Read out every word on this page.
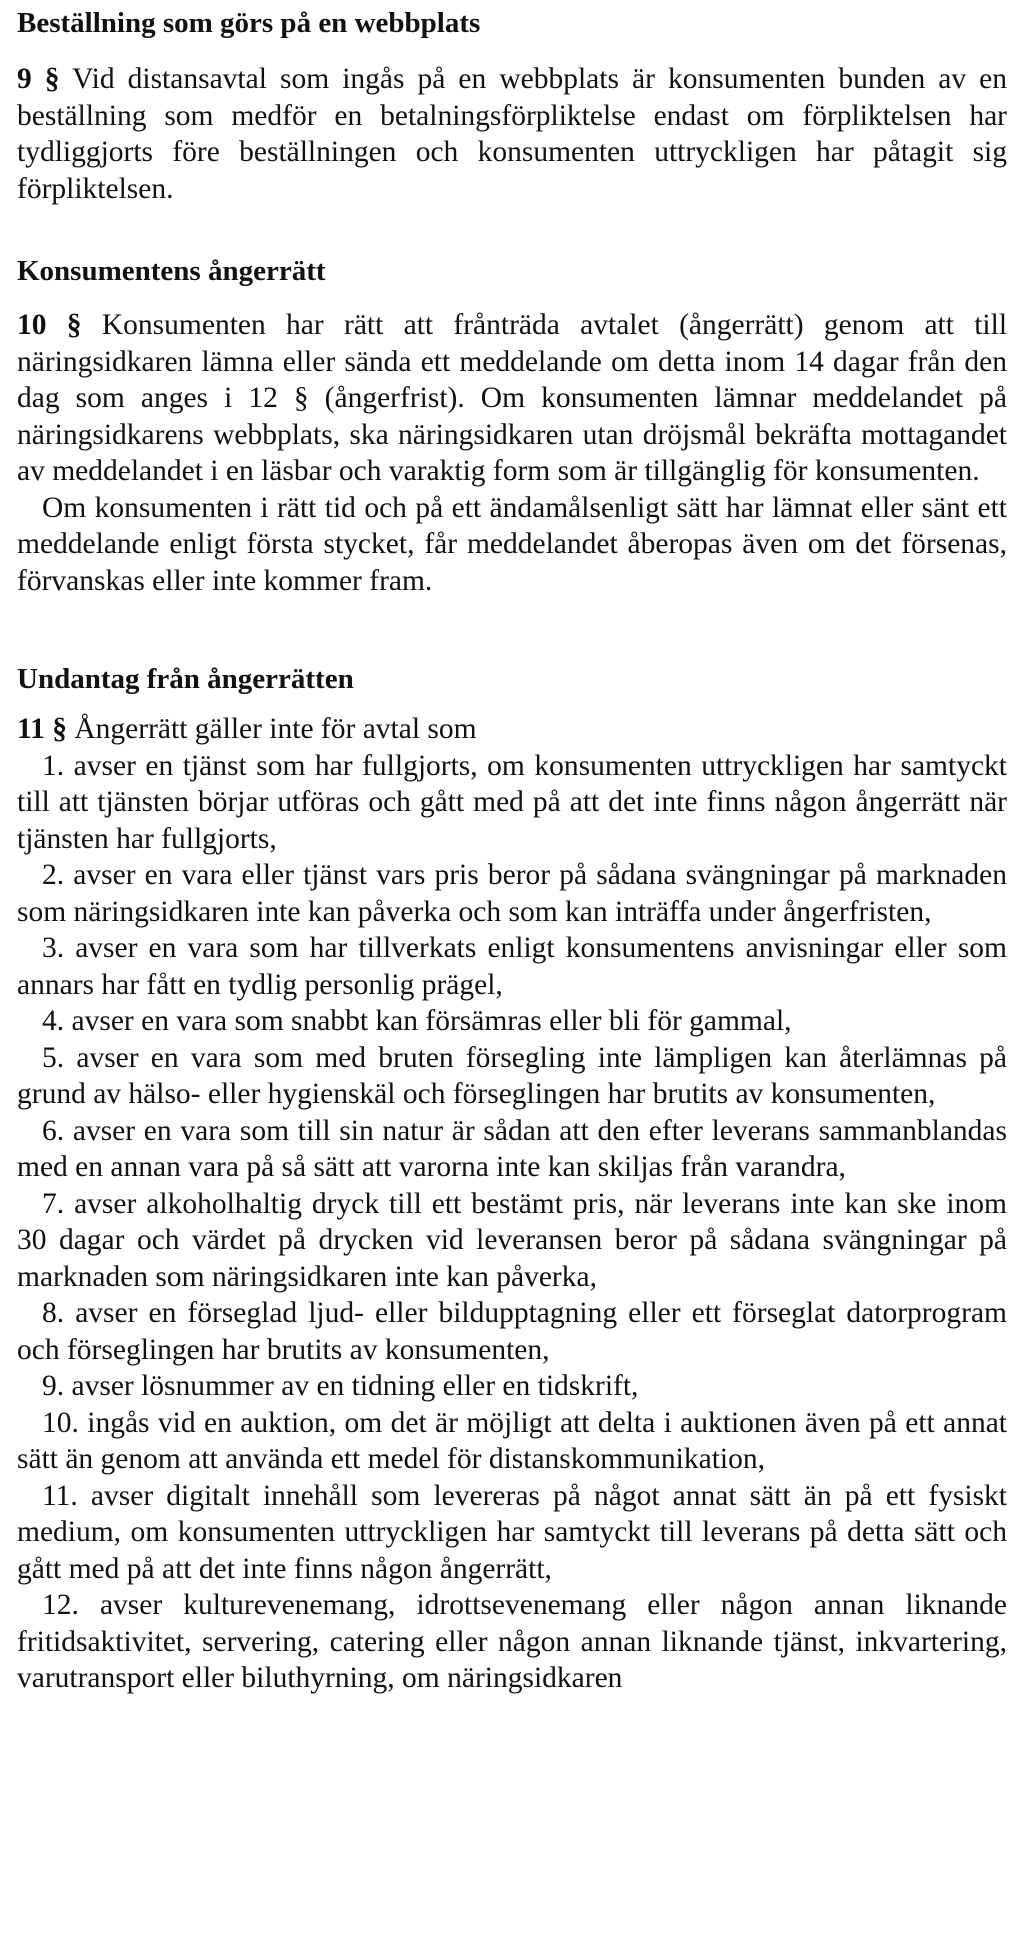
Beställning som görs på en webbplats

9 § Vid distansavtal som ingås på en webbplats är konsumenten bunden av en beställning som medför en betalningsförpliktelse endast om förpliktelsen har tydliggjorts före beställningen och konsumenten uttryckligen har påtagit sig förpliktelsen.

Konsumentens ångerrätt

10 § Konsumenten har rätt att frånträda avtalet (ångerrätt) genom att till näringsidkaren lämna eller sända ett meddelande om detta inom 14 dagar från den dag som anges i 12 § (ångerfrist). Om konsumenten lämnar meddelandet på näringsidkarens webbplats, ska näringsidkaren utan dröjsmål bekräfta mottagandet av meddelandet i en läsbar och varaktig form som är tillgänglig för konsumenten.

Om konsumenten i rätt tid och på ett ändamålsenligt sätt har lämnat eller sänt ett meddelande enligt första stycket, får meddelandet åberopas även om det försenas, förvanskas eller inte kommer fram.

Undantag från ångerrätten

11 § Ångerrätt gäller inte för avtal som

1. avser en tjänst som har fullgjorts, om konsumenten uttryckligen har samtyckt till att tjänsten börjar utföras och gått med på att det inte finns någon ångerrätt när tjänsten har fullgjorts,

2. avser en vara eller tjänst vars pris beror på sådana svängningar på marknaden som näringsidkaren inte kan påverka och som kan inträffa under ångerfristen,

3. avser en vara som har tillverkats enligt konsumentens anvisningar eller som annars har fått en tydlig personlig prägel,

4. avser en vara som snabbt kan försämras eller bli för gammal,

5. avser en vara som med bruten försegling inte lämpligen kan återlämnas på grund av hälso- eller hygienskäl och förseglingen har brutits av konsumenten,

6. avser en vara som till sin natur är sådan att den efter leverans sammanblandas med en annan vara på så sätt att varorna inte kan skiljas från varandra,

7. avser alkoholhaltig dryck till ett bestämt pris, när leverans inte kan ske inom 30 dagar och värdet på drycken vid leveransen beror på sådana svängningar på marknaden som näringsidkaren inte kan påverka,

8. avser en förseglad ljud- eller bildupptagning eller ett förseglat datorprogram och förseglingen har brutits av konsumenten,

9. avser lösnummer av en tidning eller en tidskrift,

10. ingås vid en auktion, om det är möjligt att delta i auktionen även på ett annat sätt än genom att använda ett medel för distanskommunikation,

11. avser digitalt innehåll som levereras på något annat sätt än på ett fysiskt medium, om konsumenten uttryckligen har samtyckt till leverans på detta sätt och gått med på att det inte finns någon ångerrätt,

12. avser kulturevenemang, idrottsevenemang eller någon annan liknande fritidsaktivitet, servering, catering eller någon annan liknande tjänst, inkvartering, varutransport eller biluthyrning, om näringsidkaren
